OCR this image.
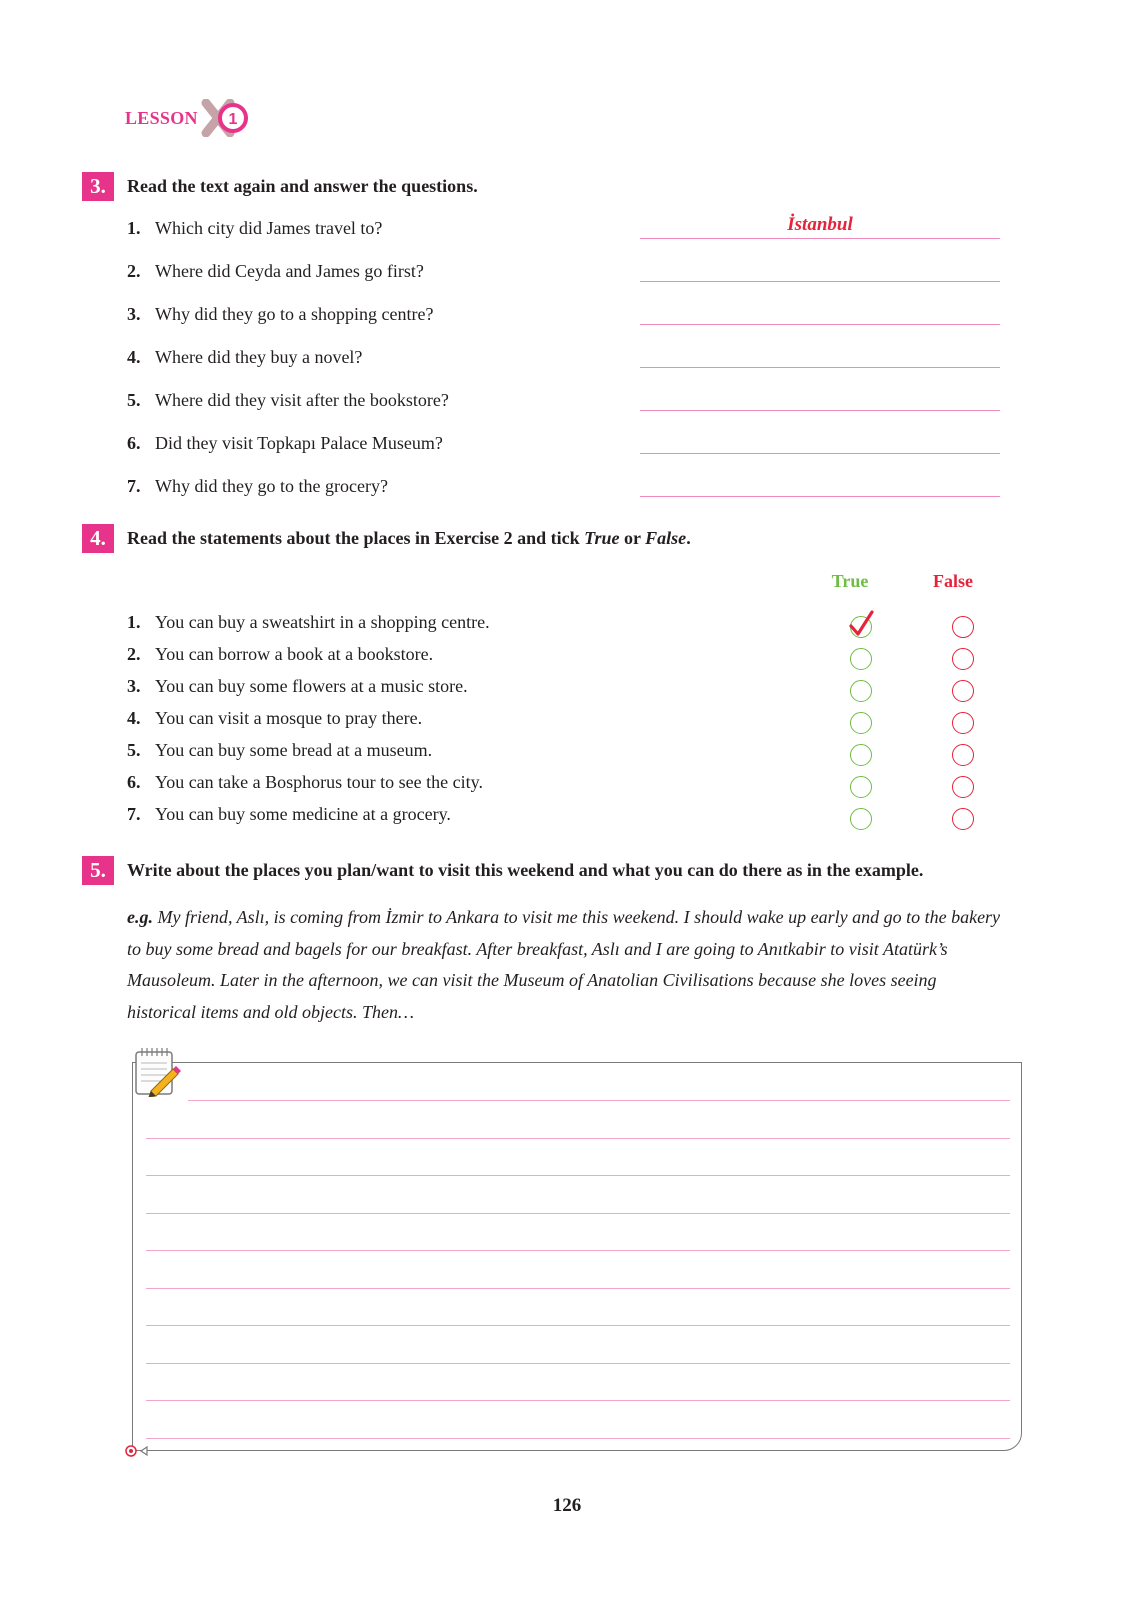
LESSON 1
3.	Read the text again and answer the questions.
1. Which city did James travel to?	İstanbul
2. Where did Ceyda and James go first?
3. Why did they go to a shopping centre?
4. Where did they buy a novel?
5. Where did they visit after the bookstore?
6. Did they visit Topkapı Palace Museum?
7. Why did they go to the grocery?
4.	Read the statements about the places in Exercise 2 and tick True or False.
True	False
1. You can buy a sweatshirt in a shopping centre.
2. You can borrow a book at a bookstore.
3. You can buy some flowers at a music store.
4. You can visit a mosque to pray there.
5. You can buy some bread at a museum.
6. You can take a Bosphorus tour to see the city.
7. You can buy some medicine at a grocery.
5.	Write about the places you plan/want to visit this weekend and what you can do there as in the example.
e.g. My friend, Aslı, is coming from İzmir to Ankara to visit me this weekend. I should wake up early and go to the bakery to buy some bread and bagels for our breakfast. After breakfast, Aslı and I are going to Anıtkabir to visit Atatürk’s Mausoleum. Later in the afternoon, we can visit the Museum of Anatolian Civilisations because she loves seeing historical items and old objects. Then…
126
